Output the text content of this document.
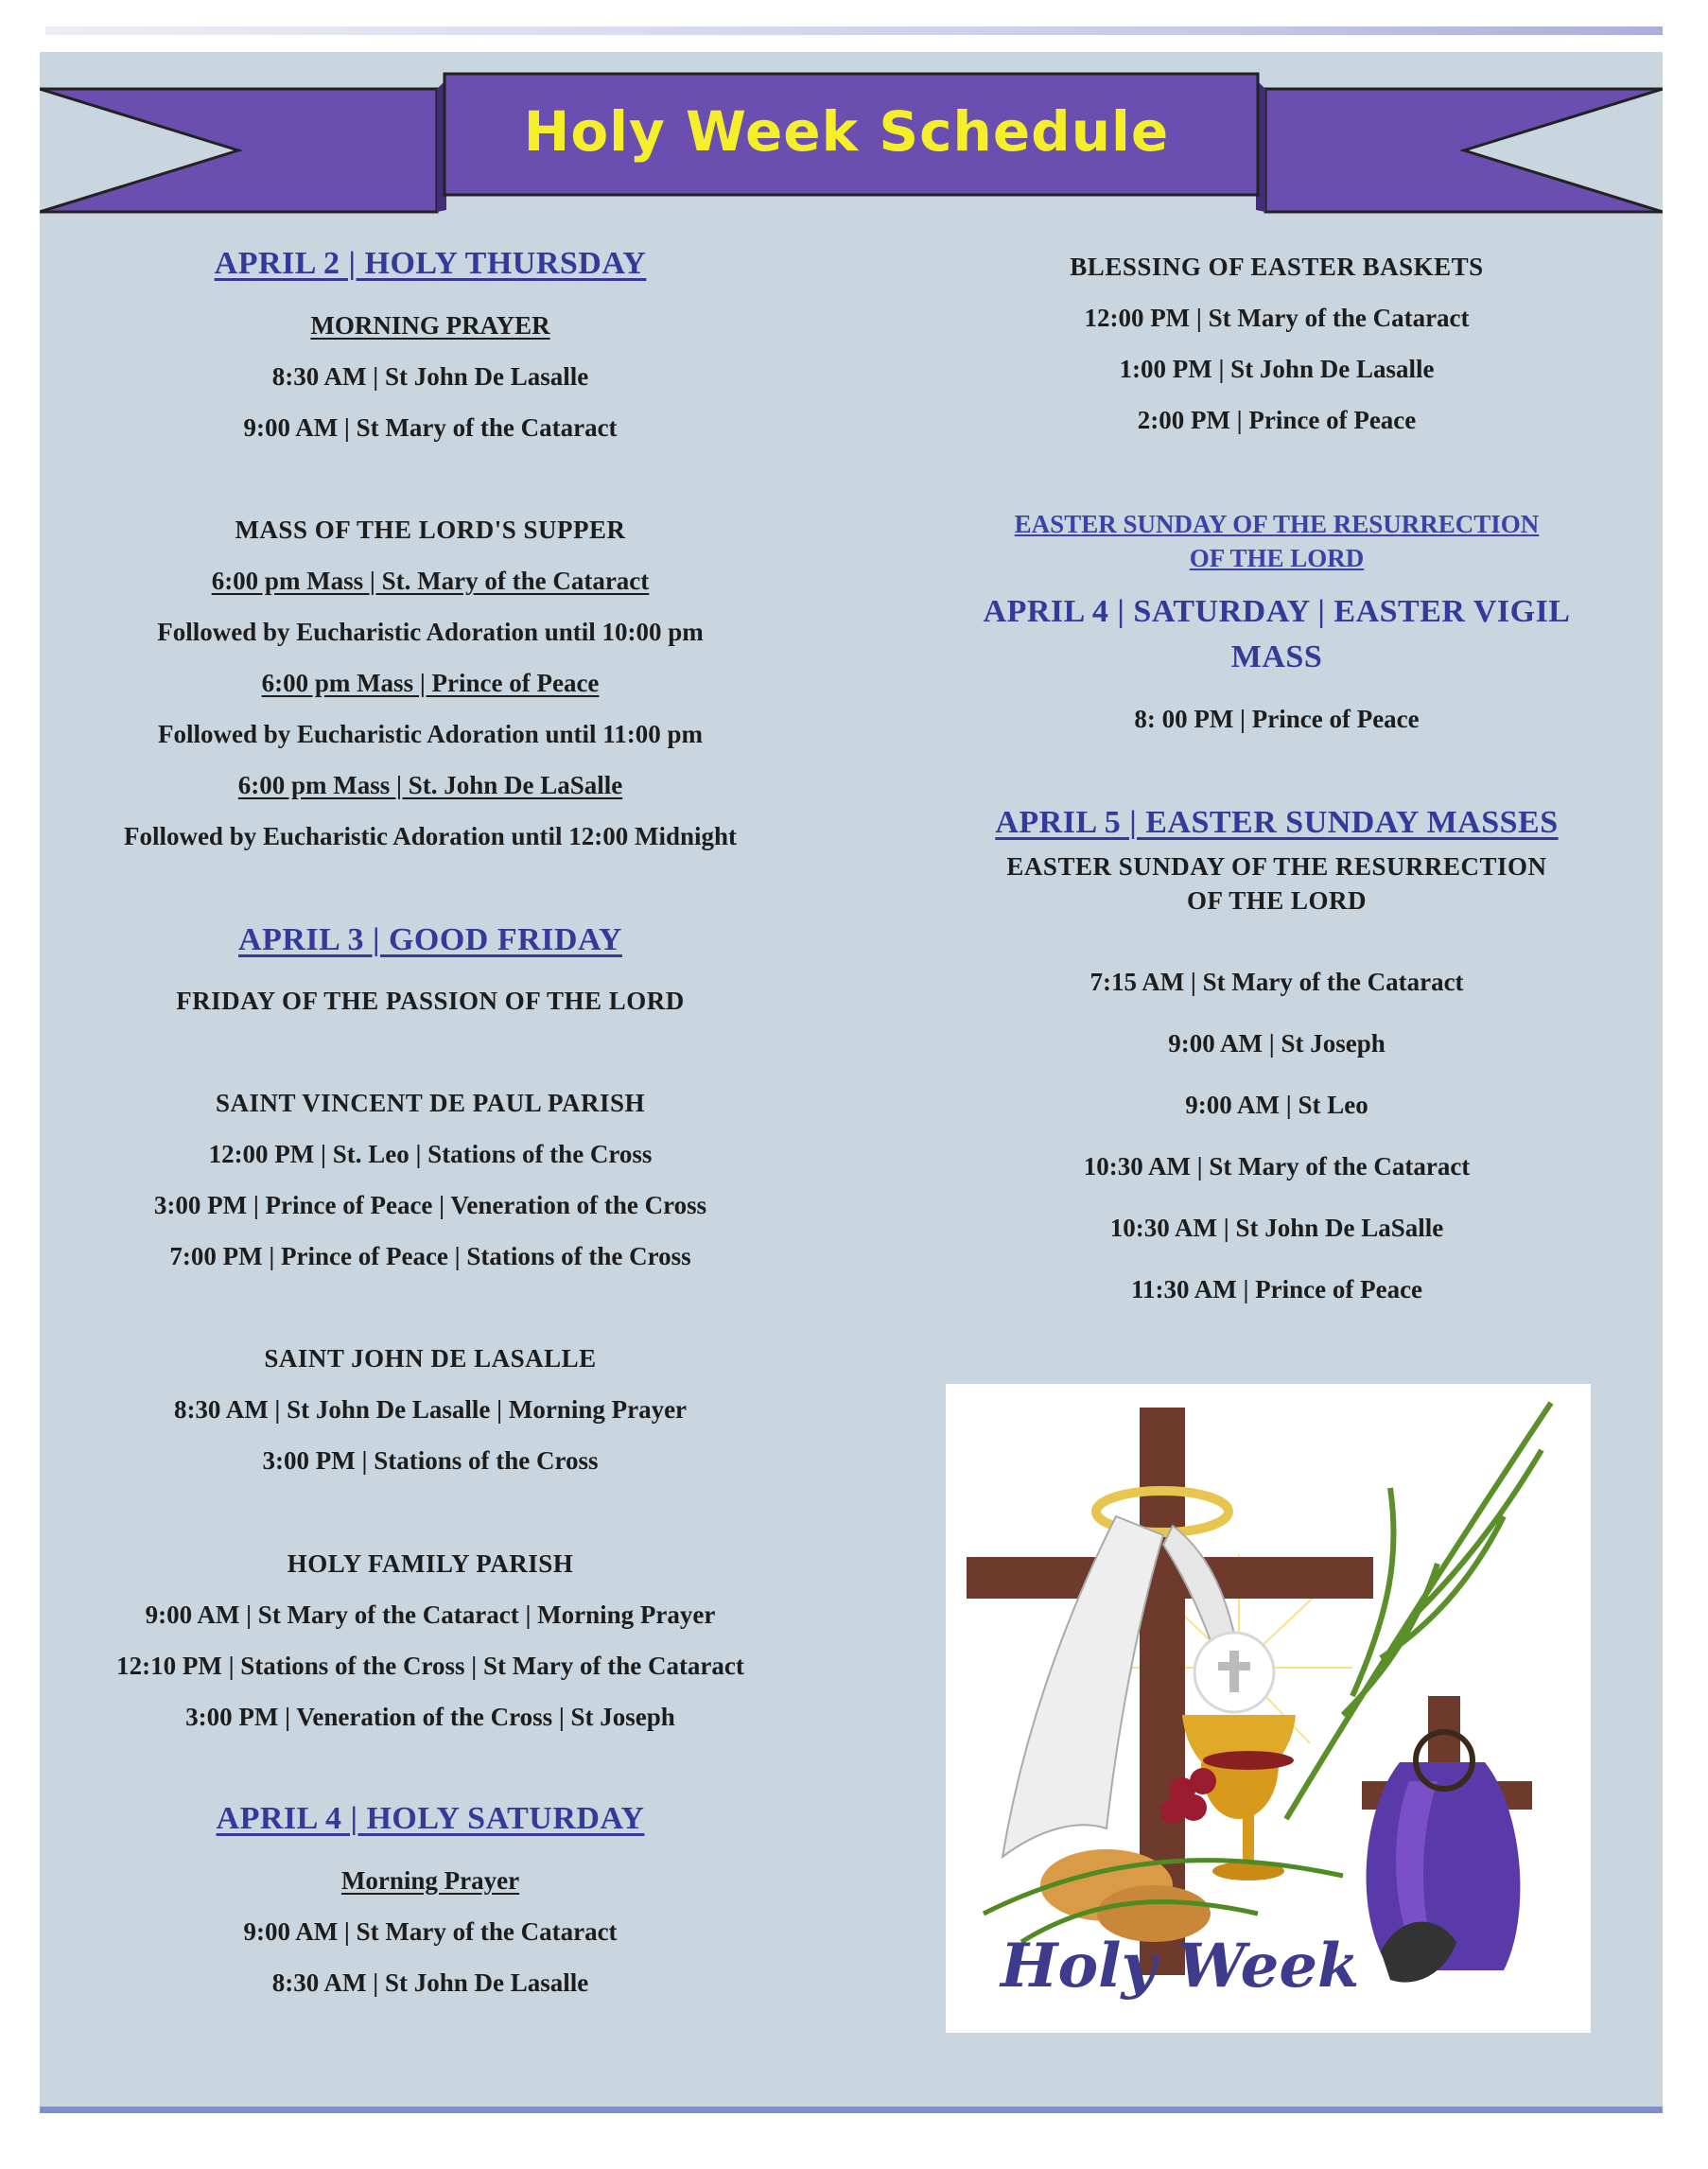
Holy Week Schedule
APRIL 2 | HOLY THURSDAY
MORNING PRAYER
8:30 AM | St John De Lasalle
9:00 AM | St Mary of the Cataract
MASS OF THE LORD'S SUPPER
6:00 pm Mass | St. Mary of the Cataract
Followed by Eucharistic Adoration until 10:00 pm
6:00 pm Mass | Prince of Peace
Followed by Eucharistic Adoration until 11:00 pm
6:00 pm Mass | St. John De LaSalle
Followed by Eucharistic Adoration until 12:00 Midnight
APRIL 3 | GOOD FRIDAY
FRIDAY OF THE PASSION OF THE LORD
SAINT VINCENT DE PAUL PARISH
12:00 PM | St. Leo | Stations of the Cross
3:00 PM | Prince of Peace | Veneration of the Cross
7:00 PM | Prince of Peace | Stations of the Cross
SAINT JOHN DE LASALLE
8:30 AM | St John De Lasalle | Morning Prayer
3:00 PM | Stations of the Cross
HOLY FAMILY PARISH
9:00 AM | St Mary of the Cataract | Morning Prayer
12:10 PM | Stations of the Cross | St Mary of the Cataract
3:00 PM | Veneration of the Cross | St Joseph
APRIL 4 | HOLY SATURDAY
Morning Prayer
9:00 AM | St Mary of the Cataract
8:30 AM | St John De Lasalle
BLESSING OF EASTER BASKETS
12:00 PM | St Mary of the Cataract
1:00 PM | St John De Lasalle
2:00 PM | Prince of Peace
EASTER SUNDAY OF THE RESURRECTION
OF THE LORD
APRIL 4 | SATURDAY | EASTER VIGIL
MASS
8: 00 PM | Prince of Peace
APRIL 5 | EASTER SUNDAY MASSES
EASTER SUNDAY OF THE RESURRECTION
OF THE LORD
7:15 AM | St Mary of the Cataract
9:00 AM | St Joseph
9:00 AM | St Leo
10:30 AM | St Mary of the Cataract
10:30 AM | St John De LaSalle
11:30 AM | Prince of Peace
Holy Week
